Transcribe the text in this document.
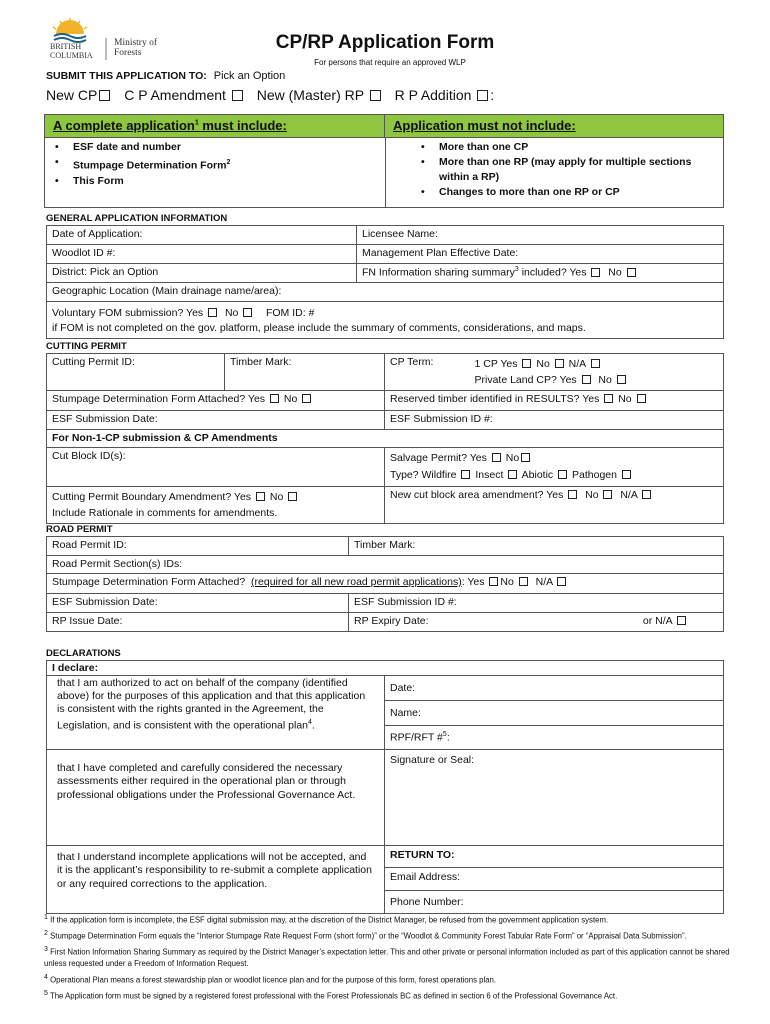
BRITISH
COLUMBIA
Ministry of
Forests	CP/RP Application Form
For persons that require an approved WLP
SUBMIT THIS APPLICATION TO: Pick an Option
New CP C P Amendment New (Master) RP R P Addition :
A complete application$^1$ must include:	Application must not include:
• ESF date and number
• Stumpage Determination Form$^2$
• This Form
• More than one CP
• More than one RP (may apply for multiple sections within a RP)
• Changes to more than one RP or CP
GENERAL APPLICATION INFORMATION
Date of Application:	Licensee Name:
Woodlot ID #:	Management Plan Effective Date:
District: Pick an Option	FN Information sharing summary$^3$ included? Yes No
Geographic Location (Main drainage name/area):	

Voluntary FOM submission? Yes No FOM ID: #
if FOM is not completed on the gov. platform, please include the summary of comments, considerations, and maps.	
CUTTING PERMIT
Cutting Permit ID:	Timber Mark:	CP Term:	1 CP Yes No N/A
Private Land CP? Yes No

Stumpage Determination Form Attached? Yes No		Reserved timber identified in RESULTS? Yes No	
ESF Submission Date:		ESF Submission ID #:	
For Non-1-CP submission & CP Amendments			
Cut Block ID(s):		Salvage Permit? Yes No
Type? Wildfire Insect Abiotic Pathogen	

Cutting Permit Boundary Amendment? Yes No
Include Rationale in comments for amendments.		New cut block area amendment? Yes No N/A	
ROAD PERMIT
Road Permit ID:	Timber Mark:
Road Permit Section(s) IDs:	
Stumpage Determination Form Attached? (required for all new road permit applications): Yes No N/A	
ESF Submission Date:	ESF Submission ID #:
RP Issue Date:	RP Expiry Date: or N/A
DECLARATIONS
I declare:	
that I am authorized to act on behalf of the company (identified above) for the purposes of this application and that this application is consistent with the rights granted in the Agreement, the Legislation, and is consistent with the operational plan$^4$.	Date:
	Name:
	RPF/RFT #$^5$:
that I have completed and carefully considered the necessary assessments either required in the operational plan or through professional obligations under the Professional Governance Act.	Signature or Seal:
that I understand incomplete applications will not be accepted, and it is the applicant’s responsibility to re-submit a complete application or any required corrections to the application.	RETURN TO:
Email Address:
Phone Number:

$^1$ If the application form is incomplete, the ESF digital submission may, at the discretion of the District Manager, be refused from the government application system.

$^2$ Stumpage Determination Form equals the “Interior Stumpage Rate Request Form (short form)” or the “Woodlot & Community Forest Tabular Rate Form” or “Appraisal Data Submission”.

$^3$ First Nation Information Sharing Summary as required by the District Manager’s expectation letter. This and other private or personal information included as part of this application cannot be shared unless requested under a Freedom of Information Request.

$^4$ Operational Plan means a forest stewardship plan or woodlot licence plan and for the purpose of this form, forest operations plan.

$^5$ The Application form must be signed by a registered forest professional with the Forest Professionals BC as defined in section 6 of the Professional Governance Act.
